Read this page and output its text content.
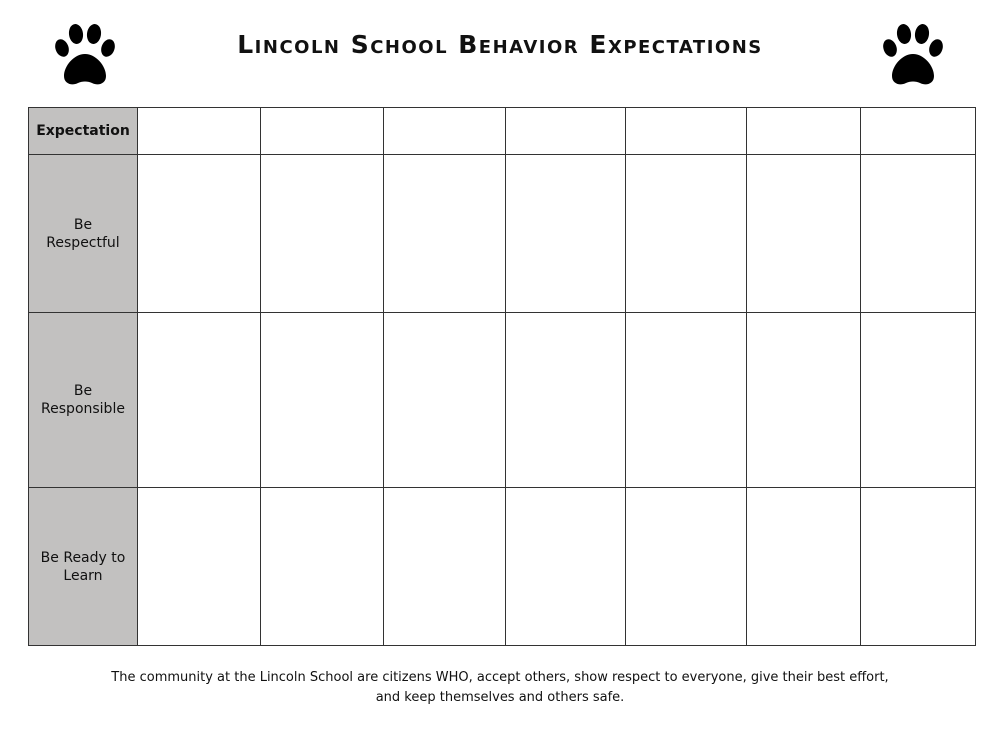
Lincoln School Behavior Expectations
Expectation							
Be Respectful							
Be Responsible							
Be Ready to Learn							
The community at the Lincoln School are citizens WHO, accept others, show respect to everyone, give their best effort, and keep themselves and others safe.
